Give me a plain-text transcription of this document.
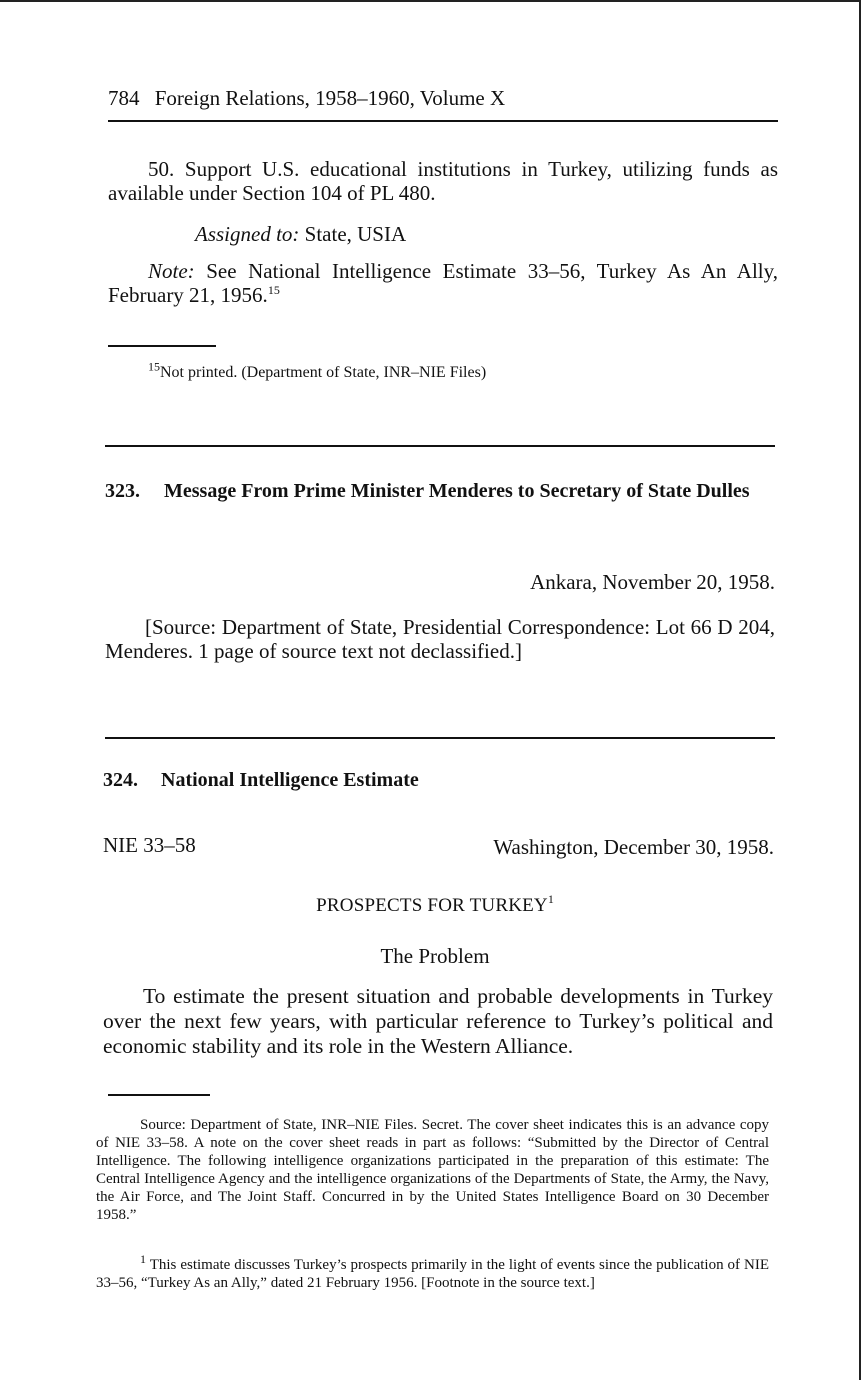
784 Foreign Relations, 1958–1960, Volume X

50. Support U.S. educational institutions in Turkey, utilizing funds as available under Section 104 of PL 480.

Assigned to: State, USIA

Note: See National Intelligence Estimate 33–56, Turkey As An Ally, February 21, 1956.15

$^{15}$Not printed. (Department of State, INR–NIE Files)

323. Message From Prime Minister Menderes to Secretary of State Dulles
Ankara, November 20, 1958.

[Source: Department of State, Presidential Correspondence: Lot 66 D 204, Menderes. 1 page of source text not declassified.]

324. National Intelligence Estimate
NIE 33–58	Washington, December 30, 1958.
PROSPECTS FOR TURKEY$^1$
The Problem

To estimate the present situation and probable developments in Turkey over the next few years, with particular reference to Turkey’s political and economic stability and its role in the Western Alliance.

Source: Department of State, INR–NIE Files. Secret. The cover sheet indicates this is an advance copy of NIE 33–58. A note on the cover sheet reads in part as follows: “Submitted by the Director of Central Intelligence. The following intelligence organizations participated in the preparation of this estimate: The Central Intelligence Agency and the intelligence organizations of the Departments of State, the Army, the Navy, the Air Force, and The Joint Staff. Concurred in by the United States Intelligence Board on 30 December 1958.”

$^1$ This estimate discusses Turkey’s prospects primarily in the light of events since the publication of NIE 33–56, “Turkey As an Ally,” dated 21 February 1956. [Footnote in the source text.]
